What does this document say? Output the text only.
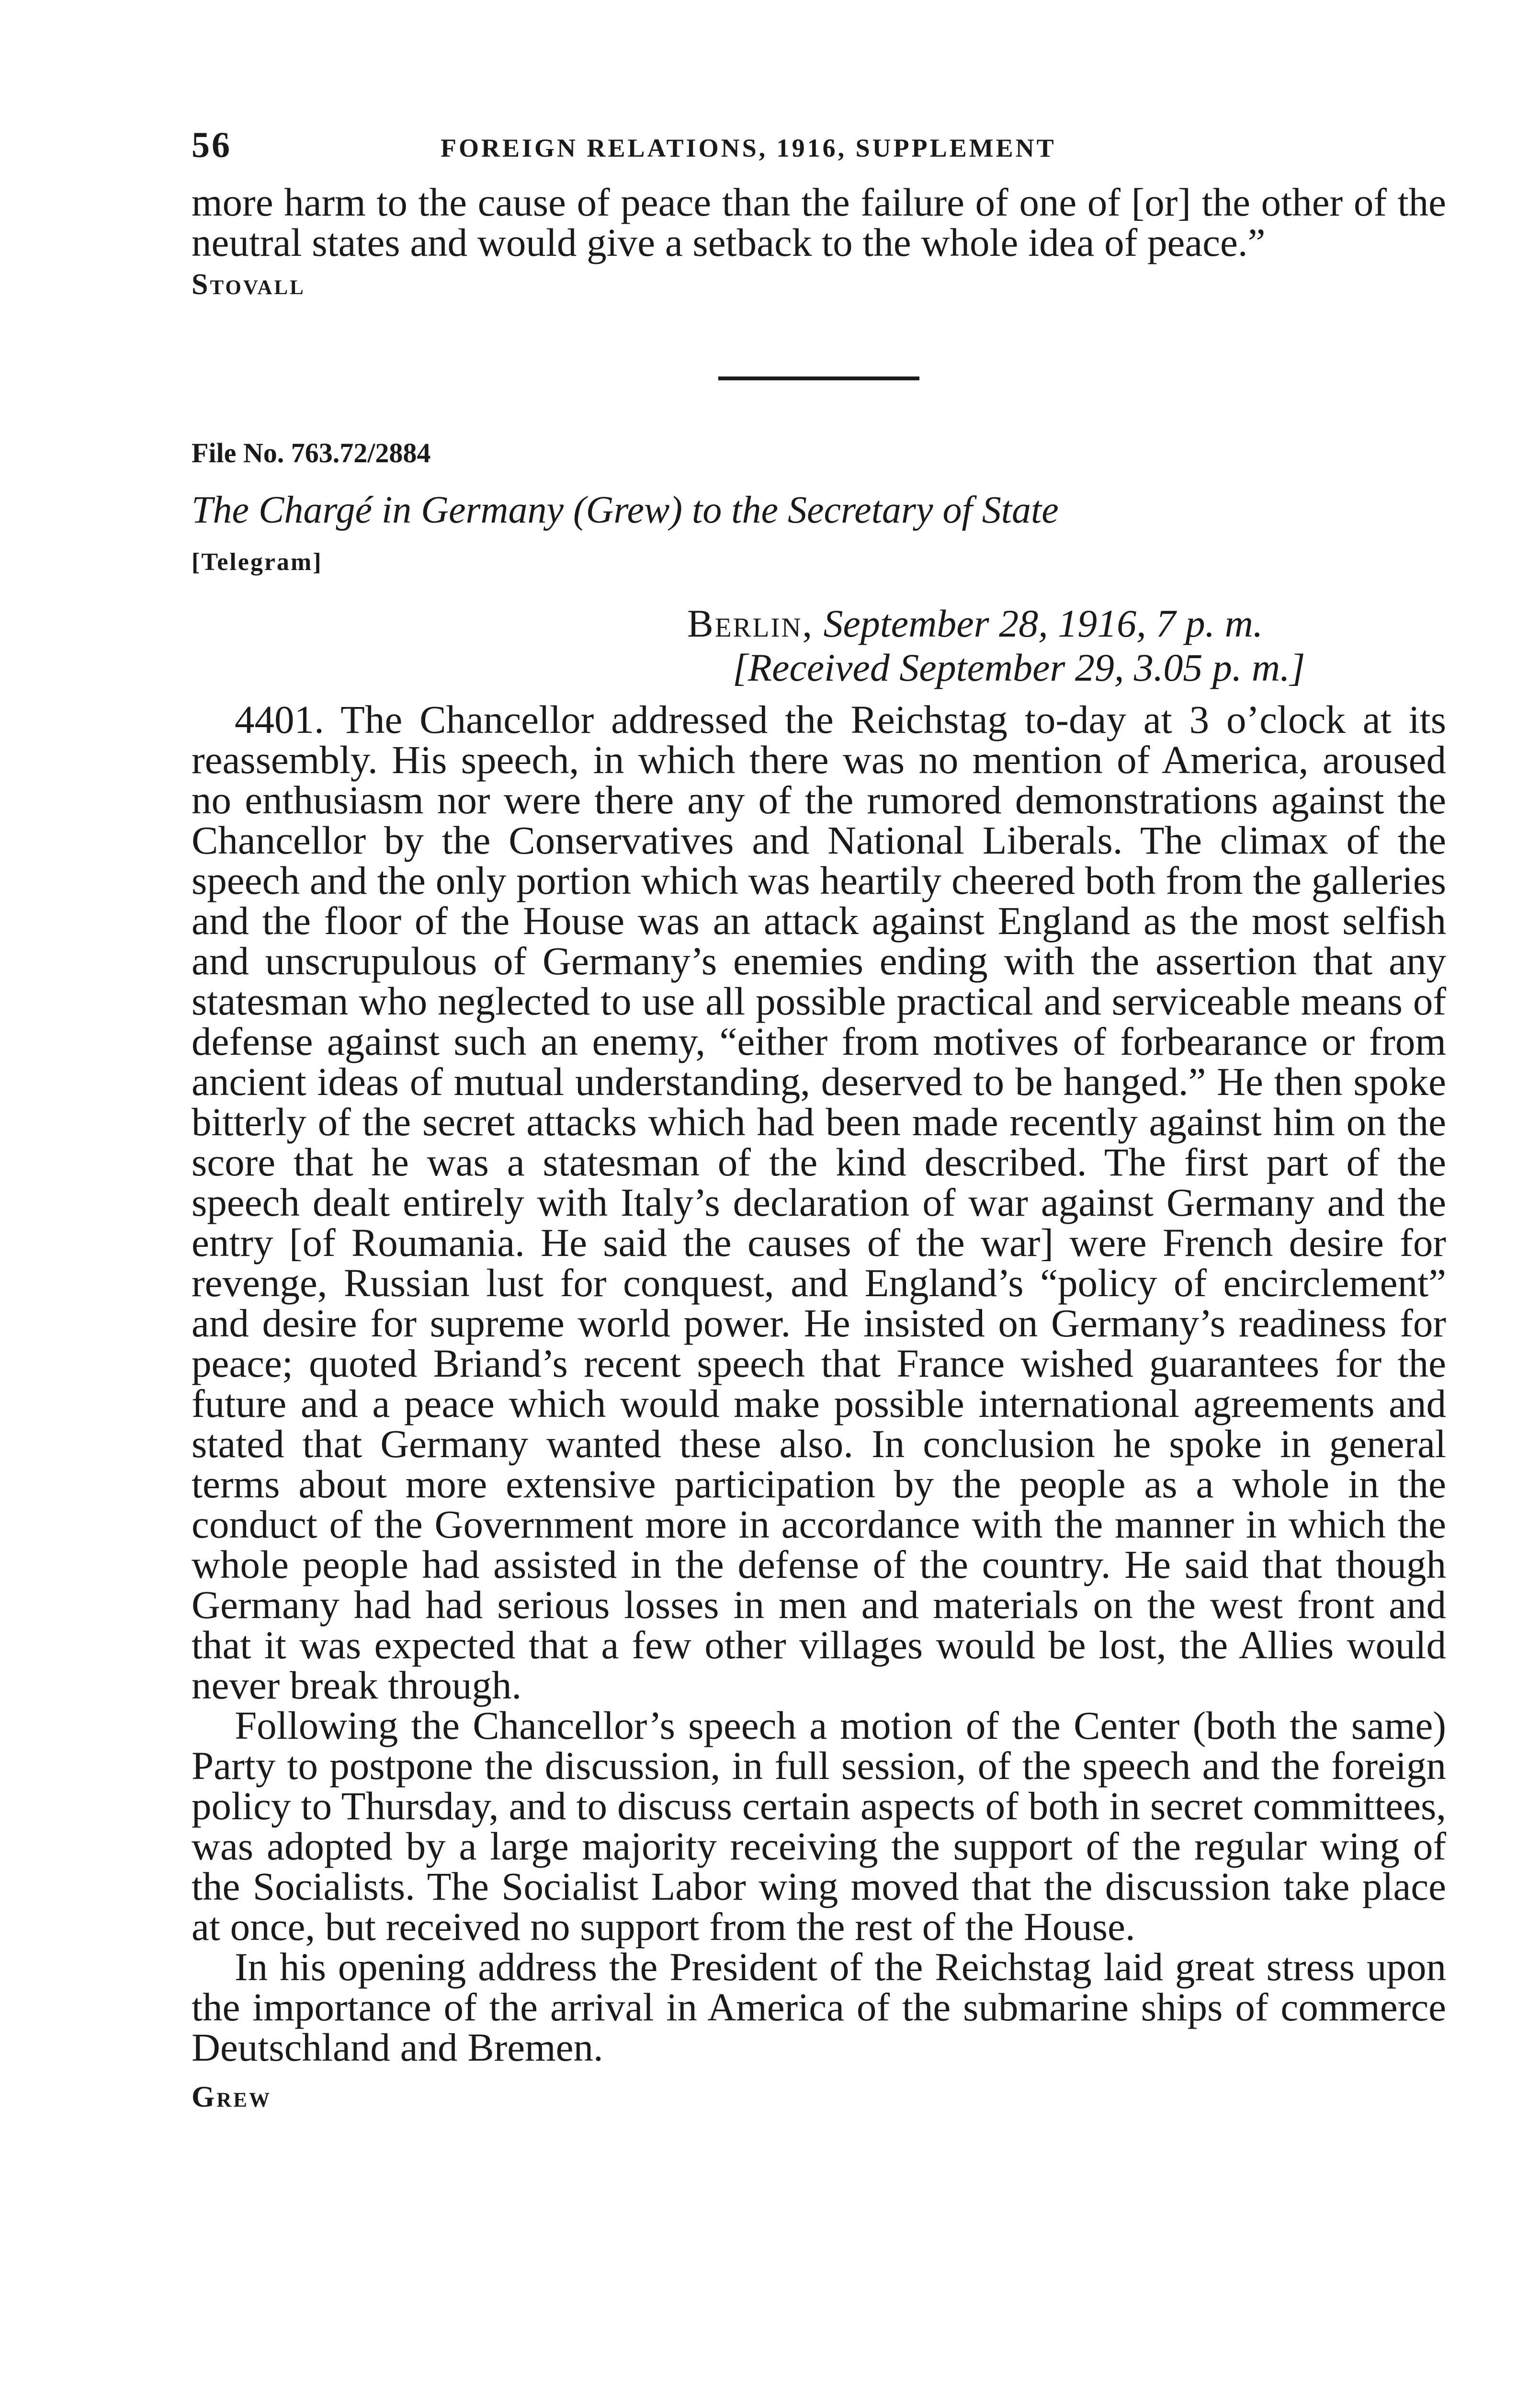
56	FOREIGN RELATIONS, 1916, SUPPLEMENT

more harm to the cause of peace than the failure of one of [or] the other of the neutral states and would give a setback to the whole idea of peace.”

Stovall

File No. 763.72/2884

The Chargé in Germany (Grew) to the Secretary of State

[Telegram]

Berlin, September 28, 1916, 7 p. m.
[Received September 29, 3.05 p. m.]

4401. The Chancellor addressed the Reichstag to-day at 3 o’clock at its reassembly. His speech, in which there was no mention of America, aroused no enthusiasm nor were there any of the rumored demonstrations against the Chancellor by the Conservatives and National Liberals. The climax of the speech and the only portion which was heartily cheered both from the galleries and the floor of the House was an attack against England as the most selfish and unscrupulous of Germany’s enemies ending with the assertion that any statesman who neglected to use all possible practical and serviceable means of defense against such an enemy, “either from motives of forbearance or from ancient ideas of mutual understanding, deserved to be hanged.” He then spoke bitterly of the secret attacks which had been made recently against him on the score that he was a statesman of the kind described. The first part of the speech dealt entirely with Italy’s declaration of war against Germany and the entry [of Roumania. He said the causes of the war] were French desire for revenge, Russian lust for conquest, and England’s “policy of encirclement” and desire for supreme world power. He insisted on Germany’s readiness for peace; quoted Briand’s recent speech that France wished guarantees for the future and a peace which would make possible international agreements and stated that Germany wanted these also. In conclusion he spoke in general terms about more extensive participation by the people as a whole in the conduct of the Government more in accordance with the manner in which the whole people had assisted in the defense of the country. He said that though Germany had had serious losses in men and materials on the west front and that it was expected that a few other villages would be lost, the Allies would never break through.

Following the Chancellor’s speech a motion of the Center (both the same) Party to postpone the discussion, in full session, of the speech and the foreign policy to Thursday, and to discuss certain aspects of both in secret committees, was adopted by a large majority receiving the support of the regular wing of the Socialists. The Socialist Labor wing moved that the discussion take place at once, but received no support from the rest of the House.

In his opening address the President of the Reichstag laid great stress upon the importance of the arrival in America of the submarine ships of commerce Deutschland and Bremen.

Grew
